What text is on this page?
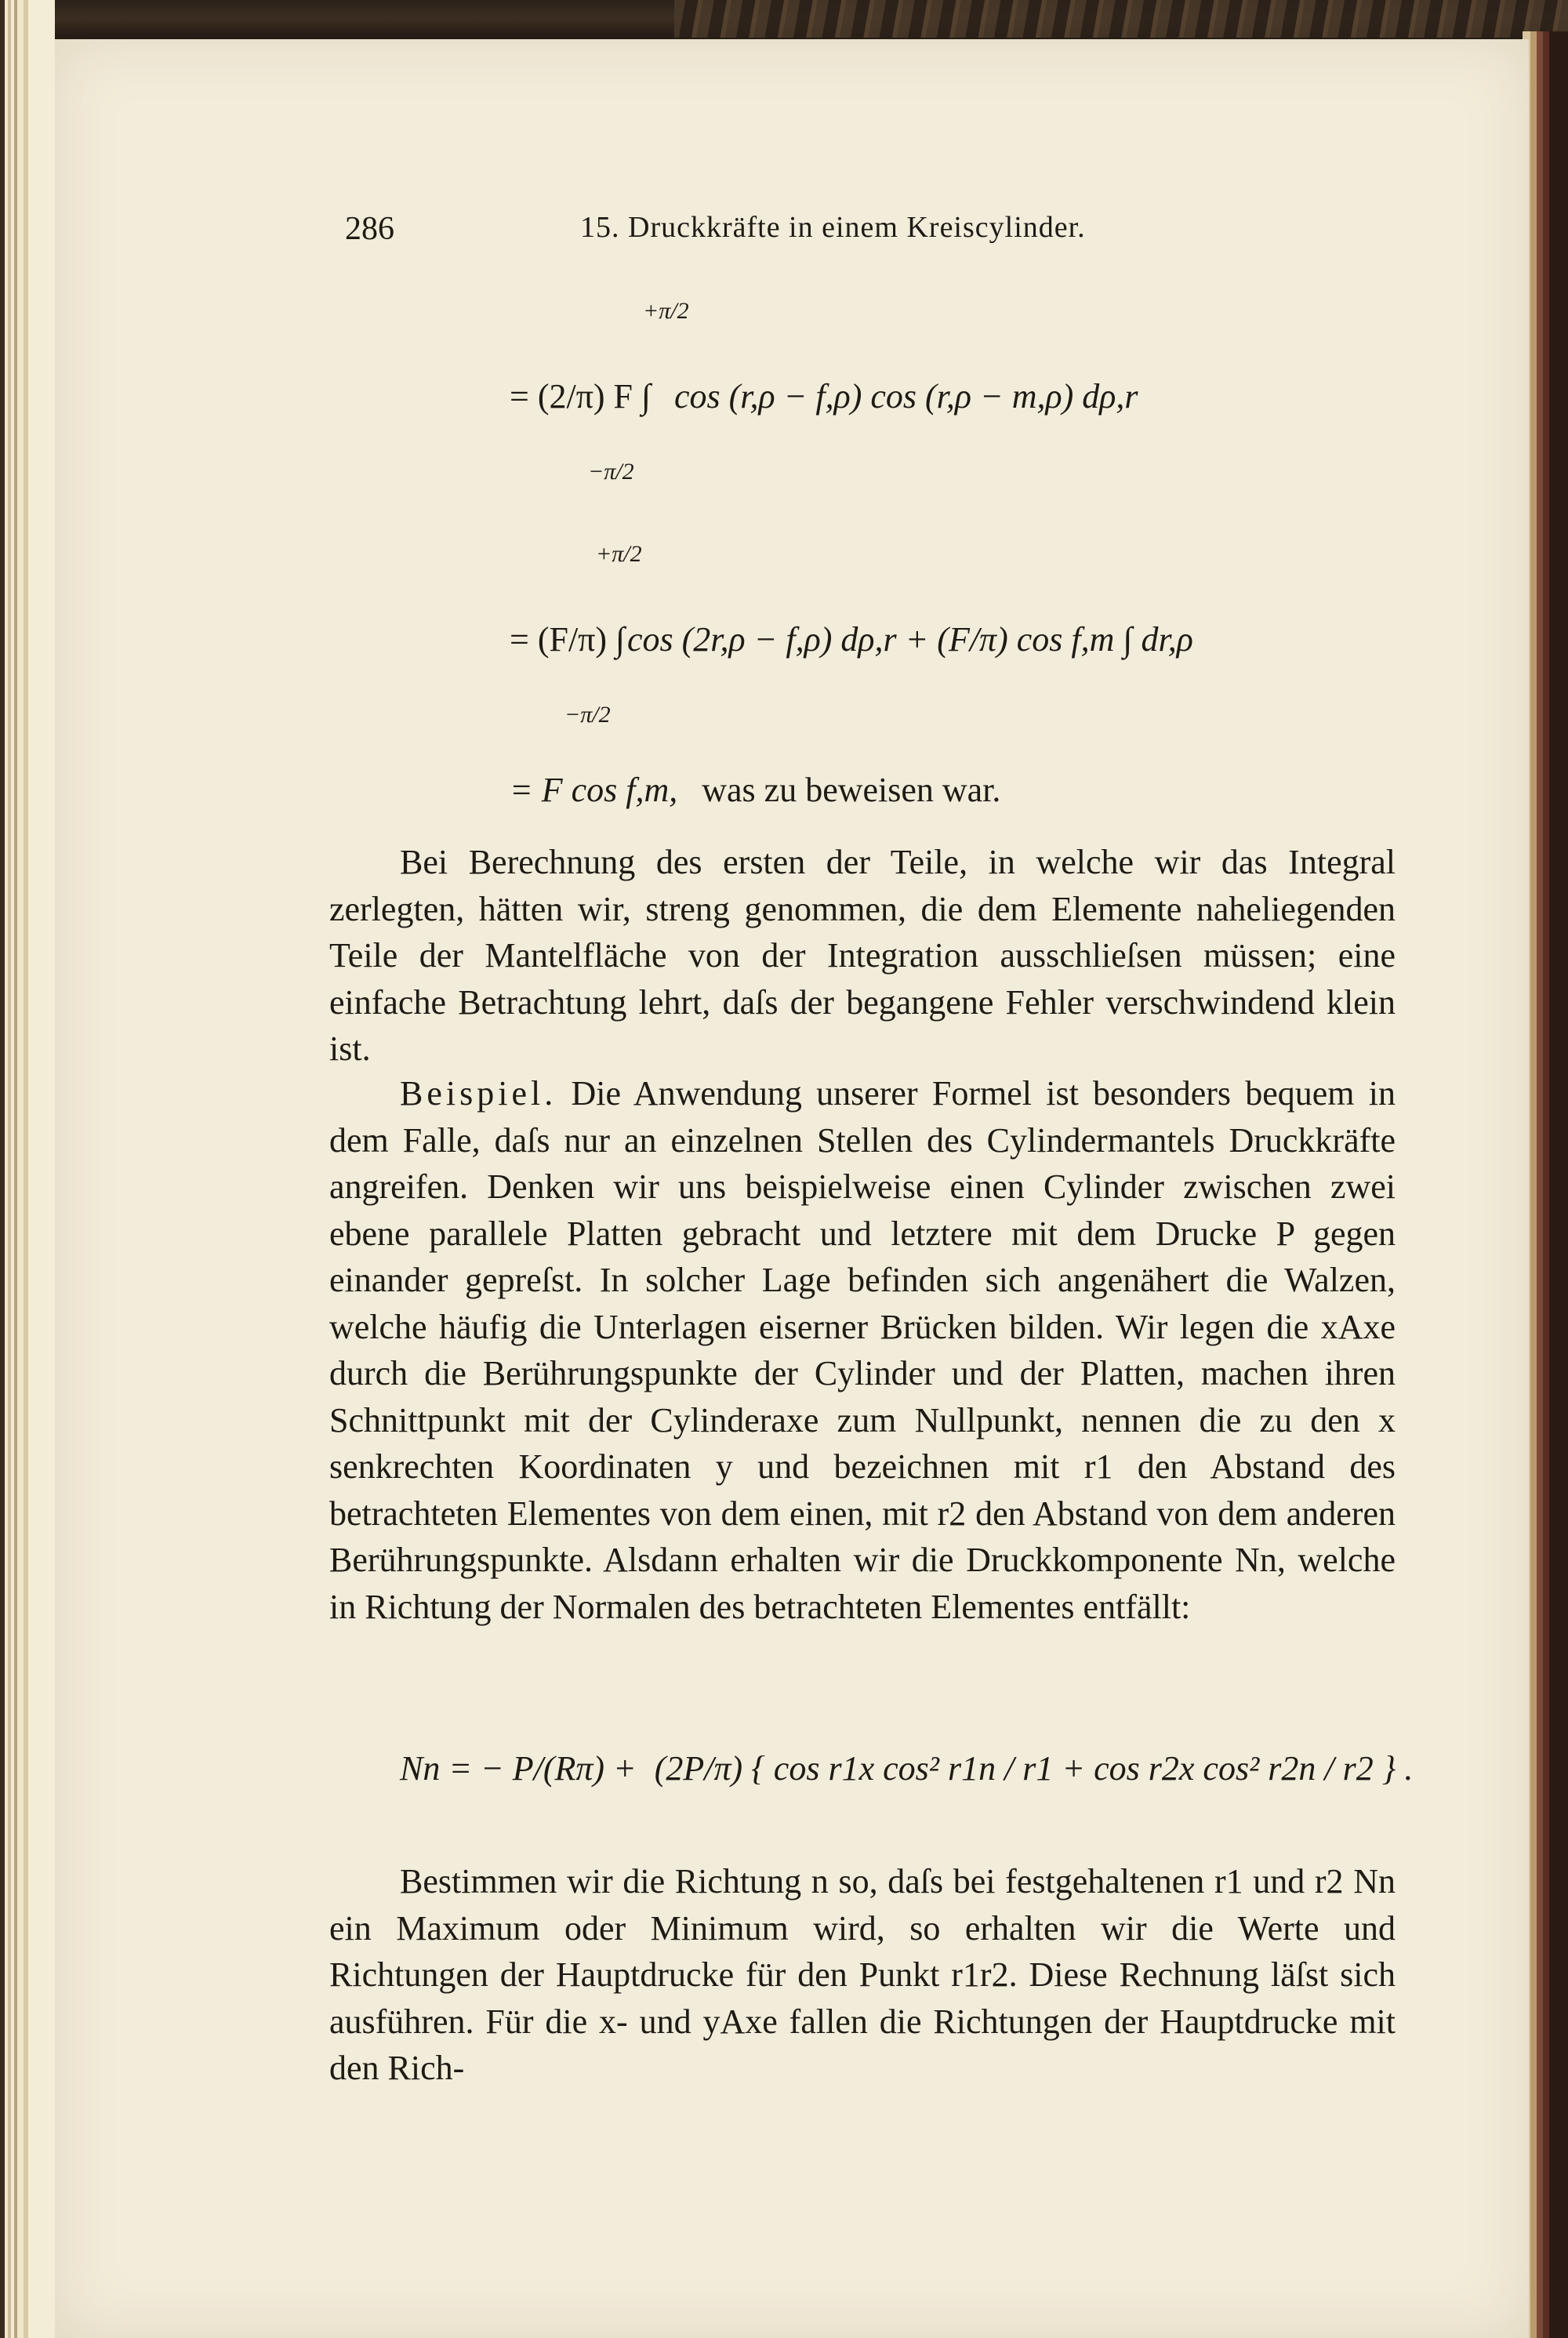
286	15. Druckkräfte in einem Kreiscylinder.
+π/2
= (2/π) F ∫ cos (r,ρ − f,ρ) cos (r,ρ − m,ρ) dρ,r
−π/2
+π/2
= (F/π) ∫ cos (2r,ρ − f,ρ) dρ,r + (F/π) cos f,m ∫ dr,ρ
−π/2
= F cos f,m, was zu beweisen war.
Bei Berechnung des ersten der Teile, in welche wir das Integral zerlegten, hätten wir, streng genommen, die dem Elemente naheliegenden Teile der Mantelfläche von der Integration ausschlieſsen müssen; eine einfache Betrachtung lehrt, daſs der begangene Fehler verschwindend klein ist.
Beispiel. Die Anwendung unserer Formel ist besonders bequem in dem Falle, daſs nur an einzelnen Stellen des Cylindermantels Druckkräfte angreifen. Denken wir uns beispielweise einen Cylinder zwischen zwei ebene parallele Platten gebracht und letztere mit dem Drucke P gegen einander gepreſst. In solcher Lage befinden sich angenähert die Walzen, welche häufig die Unterlagen eiserner Brücken bilden. Wir legen die xAxe durch die Berührungspunkte der Cylinder und der Platten, machen ihren Schnittpunkt mit der Cylinderaxe zum Nullpunkt, nennen die zu den x senkrechten Koordinaten y und bezeichnen mit r1 den Abstand des betrachteten Elementes von dem einen, mit r2 den Abstand von dem anderen Berührungspunkte. Alsdann erhalten wir die Druckkomponente Nn, welche in Richtung der Normalen des betrachteten Elementes entfällt:
Nn = − P/(Rπ) + (2P/π) { cos r1x cos² r1n / r1 + cos r2x cos² r2n / r2 } .
Bestimmen wir die Richtung n so, daſs bei festgehaltenen r1 und r2 Nn ein Maximum oder Minimum wird, so erhalten wir die Werte und Richtungen der Hauptdrucke für den Punkt r1r2. Diese Rechnung läſst sich ausführen. Für die x- und yAxe fallen die Richtungen der Hauptdrucke mit den Rich-
